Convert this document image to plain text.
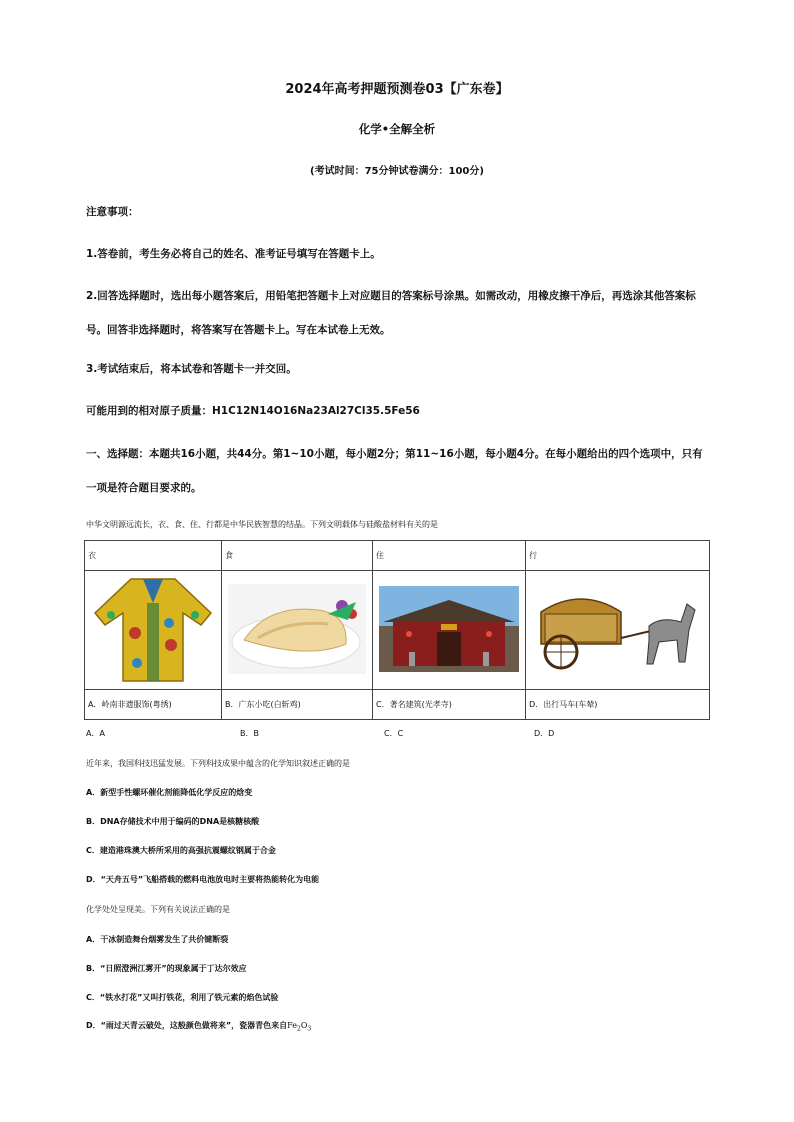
2024年高考押题预测卷03【广东卷】
化学•全解全析
(考试时间：75分钟试卷满分：100分)
注意事项：
1.答卷前，考生务必将自己的姓名、准考证号填写在答题卡上。
2.回答选择题时，选出每小题答案后，用铅笔把答题卡上对应题目的答案标号涂黑。如需改动，用橡皮擦干净后，再选涂其他答案标号。回答非选择题时，将答案写在答题卡上。写在本试卷上无效。
3.考试结束后，将本试卷和答题卡一并交回。
可能用到的相对原子质量：H1C12N14O16Na23Al27Cl35.5Fe56
一、选择题：本题共16小题，共44分。第1~10小题，每小题2分；第11~16小题，每小题4分。在每小题给出的四个选项中，只有一项是符合题目要求的。
中华文明源远流长，衣、食、住、行都是中华民族智慧的结晶。下列文明载体与硅酸盐材料有关的是
衣	食	住	行

A．岭南非遗服饰(粤绣)	B．广东小吃(白斩鸡)	C．著名建筑(光孝寺)	D．出行马车(车辇)
A．A	B．B	C．C	D．D
近年来，我国科技迅猛发展。下列科技成果中蕴含的化学知识叙述正确的是
A．新型手性螺环催化剂能降低化学反应的焓变
B．DNA存储技术中用于编码的DNA是核糖核酸
C．建造港珠澳大桥所采用的高强抗震螺纹钢属于合金
D．“天舟五号”飞船搭载的燃料电池放电时主要将热能转化为电能
化学处处呈现美。下列有关说法正确的是
A．干冰制造舞台烟雾发生了共价键断裂
B．“日照澄洲江雾开”的现象属于丁达尔效应
C．“铁水打花”又叫打铁花，利用了铁元素的焰色试验
D．“雨过天青云破处，这般颜色做将来”，瓷器青色来自$Fe_2O_3$
